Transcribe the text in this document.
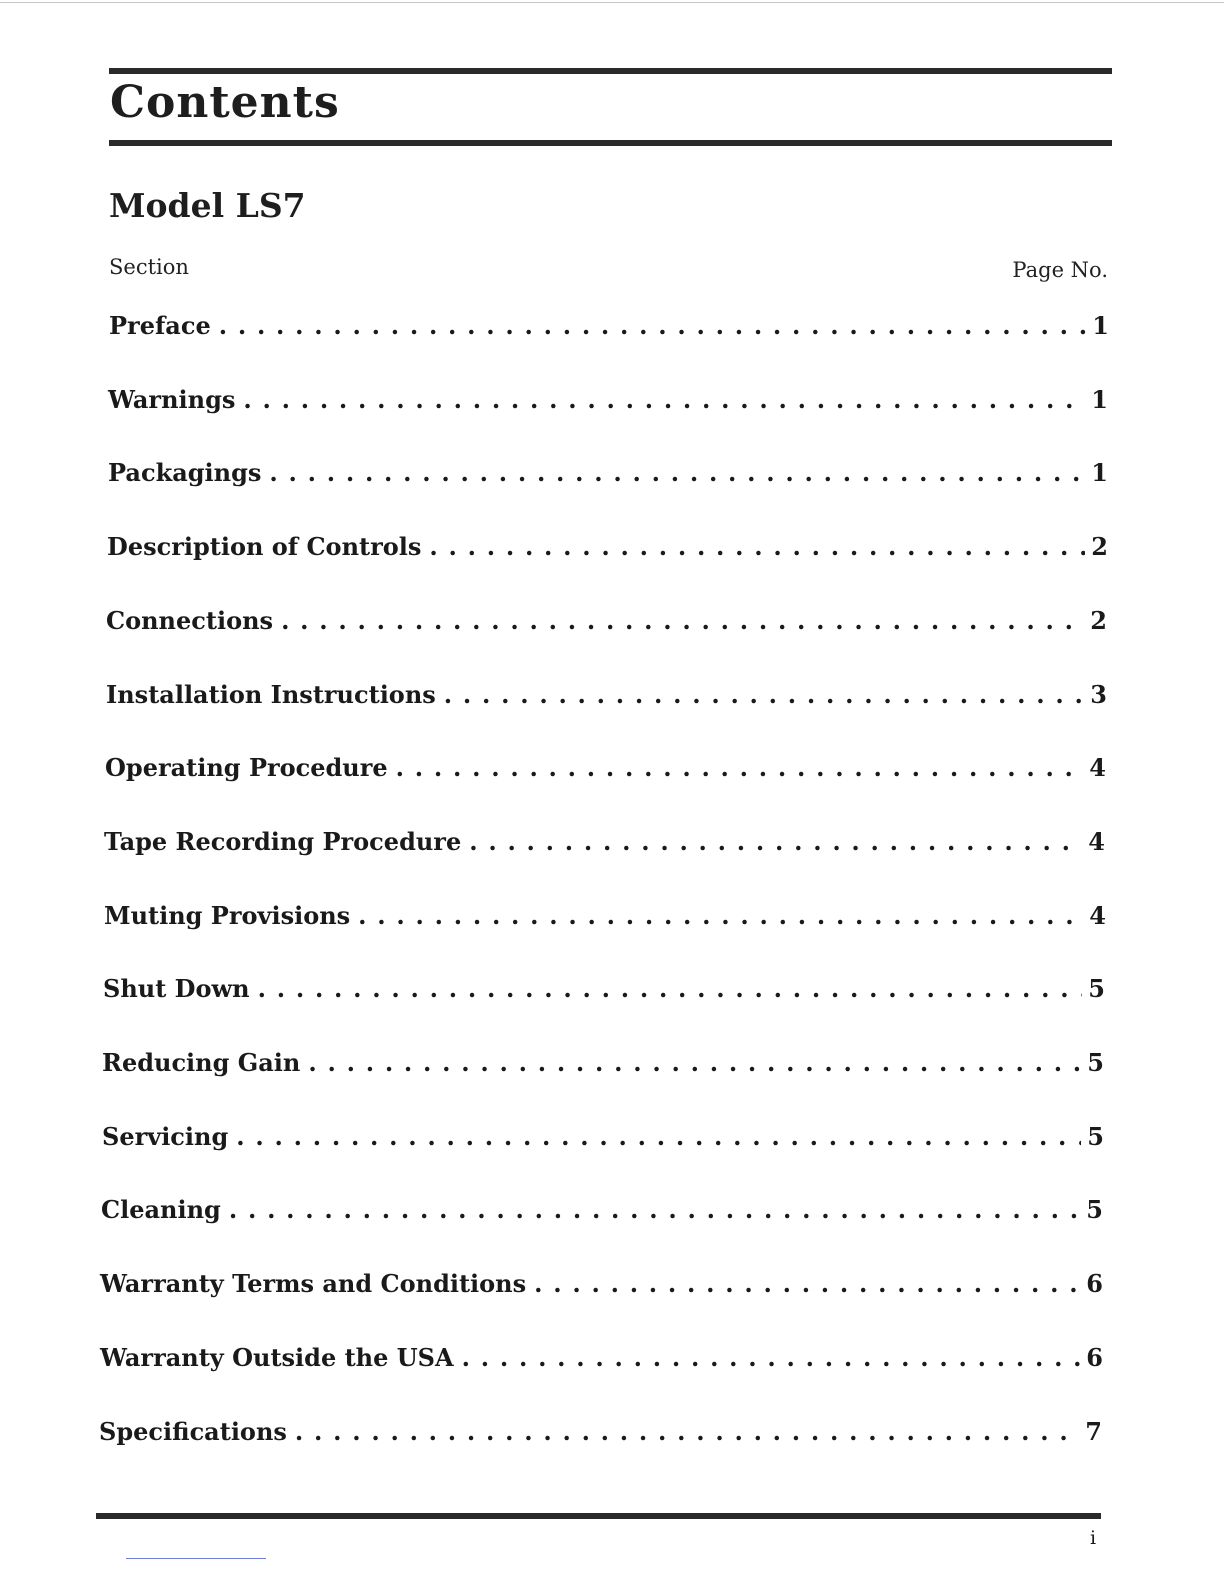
Contents
Model LS7
Section	Page No.
Preface . . .	1
Warnings . . .	1
Packagings . . .	1
Description of Controls . . .	2
Connections . . .	2
Installation Instructions . . .	3
Operating Procedure . . .	4
Tape Recording Procedure . . .	4
Muting Provisions . . .	4
Shut Down . . .	5
Reducing Gain . . .	5
Servicing . . .	5
Cleaning . . .	5
Warranty Terms and Conditions . . .	6
Warranty Outside the USA . . .	6
Specifications . . .	7
i
